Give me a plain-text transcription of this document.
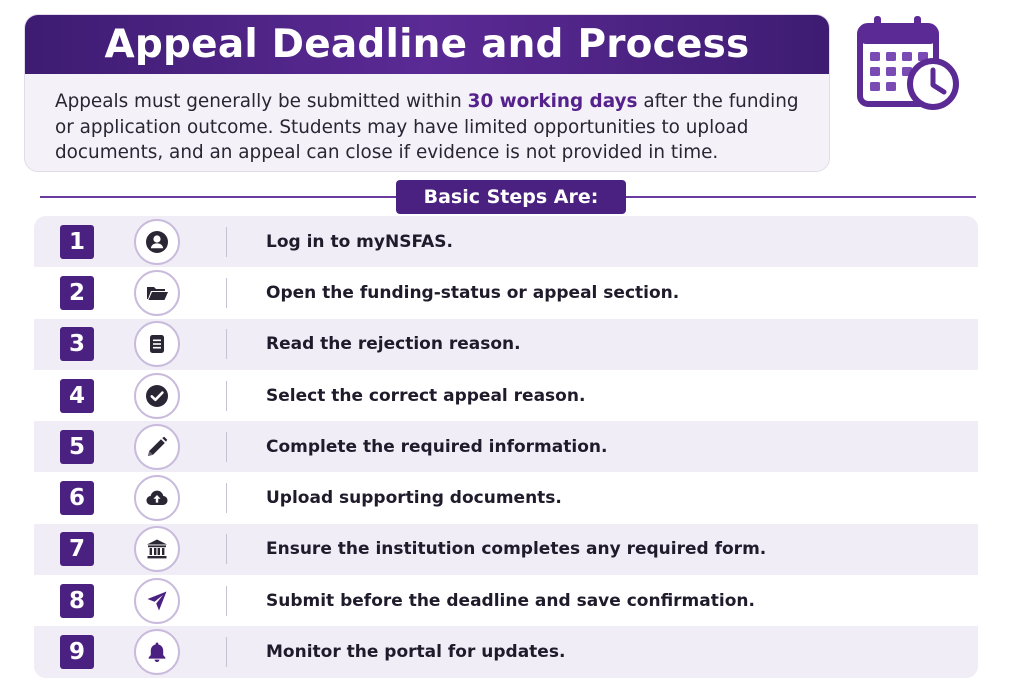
Appeal Deadline and Process

Appeals must generally be submitted within 30 working days after the funding or application outcome. Students may have limited opportunities to upload documents, and an appeal can close if evidence is not provided in time.

Basic Steps Are:
1	Log in to myNSFAS.
2	Open the funding-status or appeal section.
3	Read the rejection reason.
4	Select the correct appeal reason.
5	Complete the required information.
6	Upload supporting documents.
7	Ensure the institution completes any required form.
8	Submit before the deadline and save confirmation.
9	Monitor the portal for updates.
